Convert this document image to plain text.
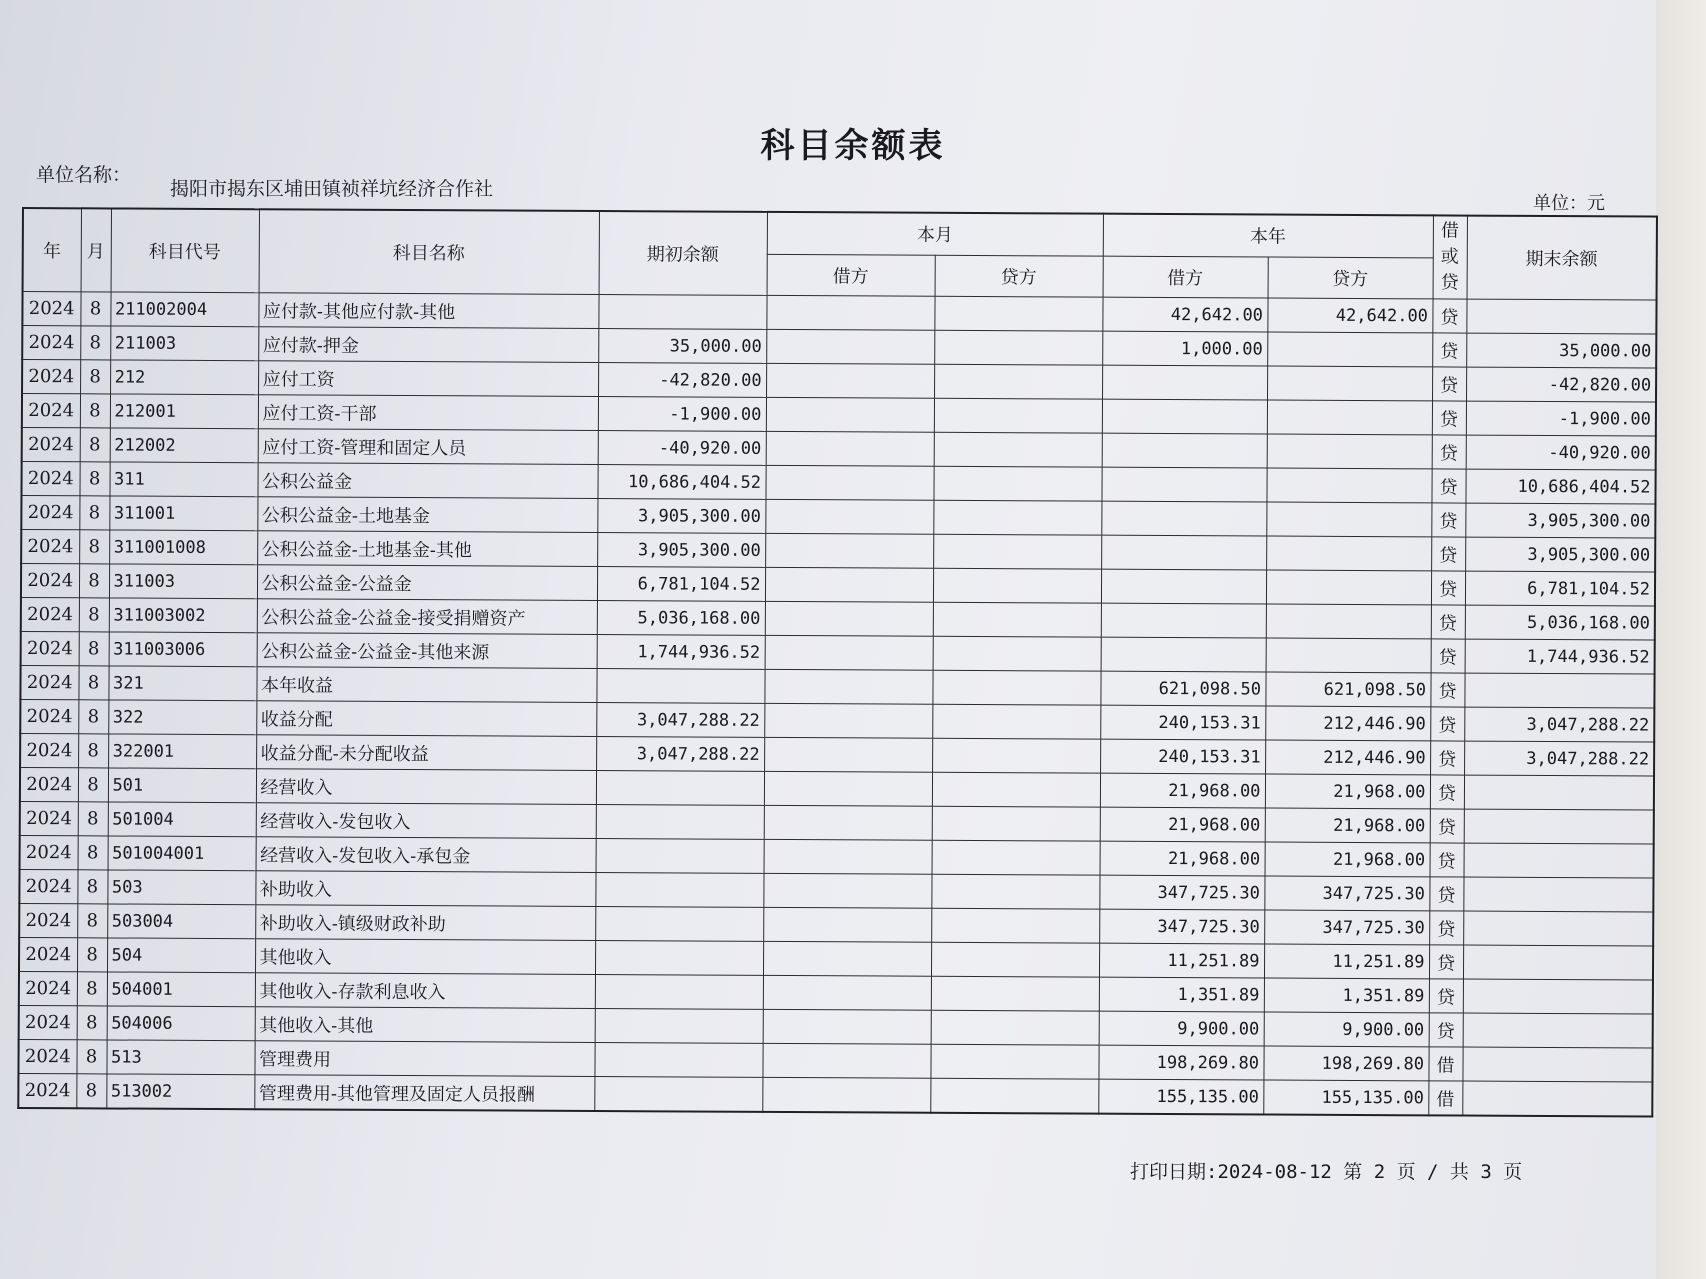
科目余额表
单位名称：
揭阳市揭东区埔田镇祯祥坑经济合作社
单位：元
年	月	科目代号	科目名称	期初余额	本月		本年		借
或
贷	期末余额
					借方	贷方	借方	贷方		
2024	8	211002004	应付款-其他应付款-其他				42,642.00	42,642.00	贷	
2024	8	211003	应付款-押金	35,000.00			1,000.00		贷	35,000.00
2024	8	212	应付工资	-42,820.00					贷	-42,820.00
2024	8	212001	应付工资-干部	-1,900.00					贷	-1,900.00
2024	8	212002	应付工资-管理和固定人员	-40,920.00					贷	-40,920.00
2024	8	311	公积公益金	10,686,404.52					贷	10,686,404.52
2024	8	311001	公积公益金-土地基金	3,905,300.00					贷	3,905,300.00
2024	8	311001008	公积公益金-土地基金-其他	3,905,300.00					贷	3,905,300.00
2024	8	311003	公积公益金-公益金	6,781,104.52					贷	6,781,104.52
2024	8	311003002	公积公益金-公益金-接受捐赠资产	5,036,168.00					贷	5,036,168.00
2024	8	311003006	公积公益金-公益金-其他来源	1,744,936.52					贷	1,744,936.52
2024	8	321	本年收益				621,098.50	621,098.50	贷	
2024	8	322	收益分配	3,047,288.22			240,153.31	212,446.90	贷	3,047,288.22
2024	8	322001	收益分配-未分配收益	3,047,288.22			240,153.31	212,446.90	贷	3,047,288.22
2024	8	501	经营收入				21,968.00	21,968.00	贷	
2024	8	501004	经营收入-发包收入				21,968.00	21,968.00	贷	
2024	8	501004001	经营收入-发包收入-承包金				21,968.00	21,968.00	贷	
2024	8	503	补助收入				347,725.30	347,725.30	贷	
2024	8	503004	补助收入-镇级财政补助				347,725.30	347,725.30	贷	
2024	8	504	其他收入				11,251.89	11,251.89	贷	
2024	8	504001	其他收入-存款利息收入				1,351.89	1,351.89	贷	
2024	8	504006	其他收入-其他				9,900.00	9,900.00	贷	
2024	8	513	管理费用				198,269.80	198,269.80	借	
2024	8	513002	管理费用-其他管理及固定人员报酬				155,135.00	155,135.00	借	
打印日期:2024-08-12 第 2 页 / 共 3 页
